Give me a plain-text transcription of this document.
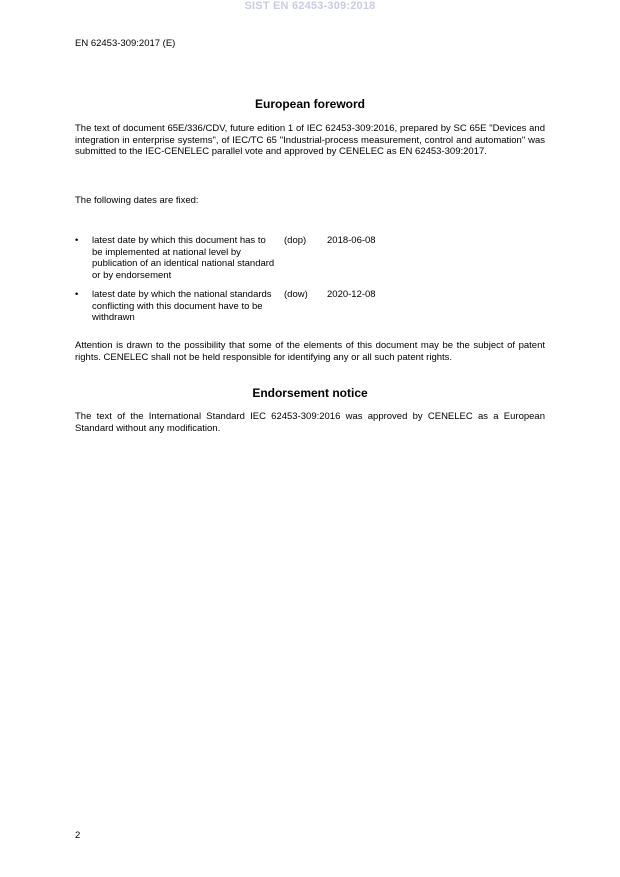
SIST EN 62453-309:2018
EN 62453-309:2017 (E)
European foreword
The text of document 65E/336/CDV, future edition 1 of IEC 62453-309:2016, prepared by SC 65E "Devices and integration in enterprise systems", of IEC/TC 65 "Industrial-process measurement, control and automation" was submitted to the IEC-CENELEC parallel vote and approved by CENELEC as EN 62453-309:2017.
The following dates are fixed:
• latest date by which this document has to be implemented at national level by publication of an identical national standard or by endorsement
(dop) 2018-06-08
• latest date by which the national standards conflicting with this document have to be withdrawn
(dow) 2020-12-08
Attention is drawn to the possibility that some of the elements of this document may be the subject of patent rights. CENELEC shall not be held responsible for identifying any or all such patent rights.
Endorsement notice
The text of the International Standard IEC 62453-309:2016 was approved by CENELEC as a European Standard without any modification.
2
